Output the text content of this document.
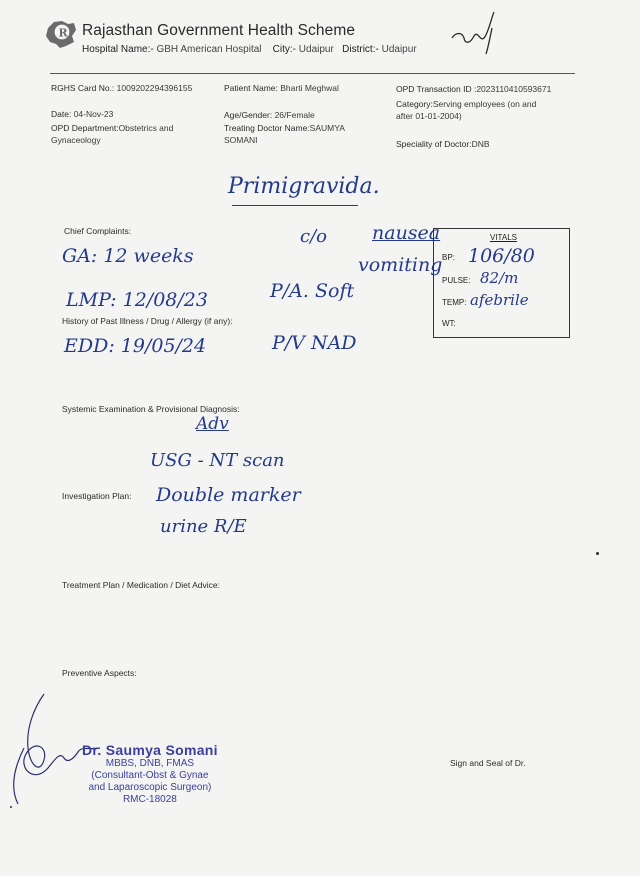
R Rajasthan Government Health Scheme
Hospital Name:- GBH American Hospital City:- Udaipur District:- Udaipur
RGHS Card No.: 1009202294396155	Patient Name: Bharti Meghwal	OPD Transaction ID :202311041059367​1
Date: 04-Nov-23	Age/Gender: 26/Female
Category:Serving employees (on and
after 01-01-2004)
OPD Department:Obstetrics and
Gynaceology
Treating Doctor Name:SAUMYA
SOMANI	Speciality of Doctor:DNB
Primigravida.
Chief Complaints:
History of Past Illness / Drug / Allergy (if any):
Systemic Examination & Provisional Diagnosis:
Investigation Plan:
Treatment Plan / Medication / Diet Advice:
Preventive Aspects:
Sign and Seal of Dr.
GA: 12 weeks
c/o nausea
vomiting
LMP: 12/08/23	P/A. Soft
EDD: 19/05/24	P/V NAD
VITALS
BP: 106/80
PULSE: 82/m
TEMP: afebrile
WT:
Adv
USG - NT scan
Double marker
urine R/E
Dr. Saumya Somani
MBBS, DNB, FMAS
(Consultant-Obst & Gynae
and Laparoscopic Surgeon)
RMC-18028
